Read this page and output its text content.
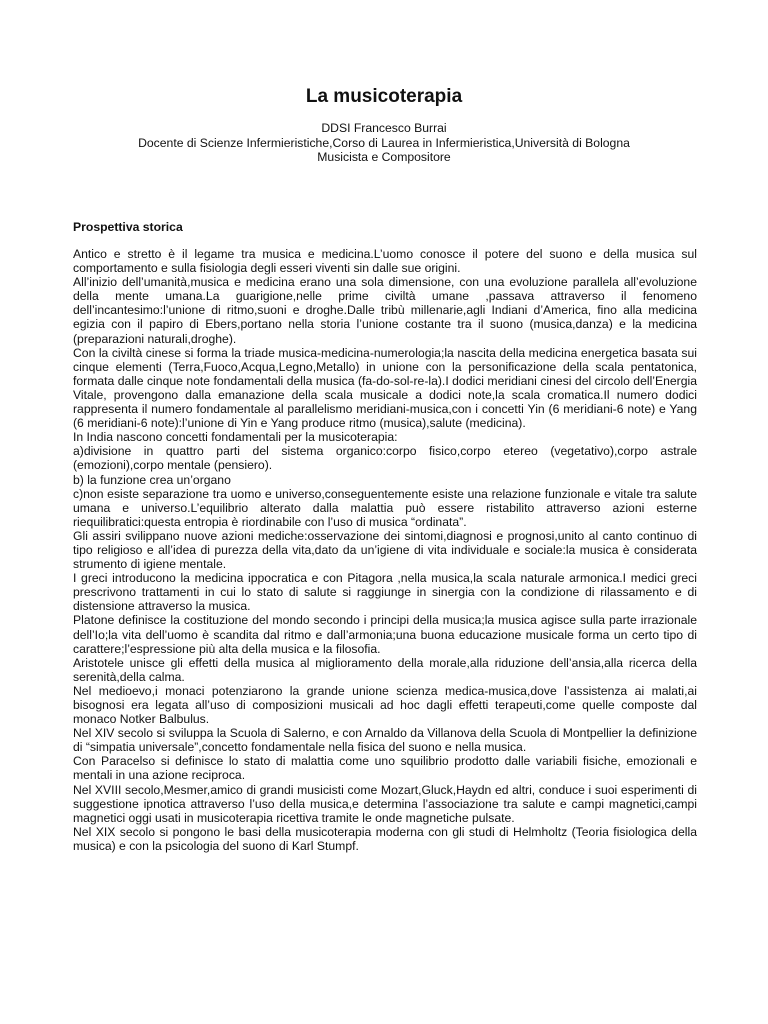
La musicoterapia
DDSI Francesco Burrai
Docente di Scienze Infermieristiche,Corso di Laurea in Infermieristica,Università di Bologna
Musicista e Compositore
Prospettiva storica

Antico e stretto è il legame tra musica e medicina.L’uomo conosce il potere del suono e della musica sul comportamento e sulla fisiologia degli esseri viventi sin dalle sue origini.

All’inizio dell’umanità,musica e medicina erano una sola dimensione, con una evoluzione parallela all’evoluzione della mente umana.La guarigione,nelle prime civiltà umane ,passava attraverso il fenomeno dell’incantesimo:l’unione di ritmo,suoni e droghe.Dalle tribù millenarie,agli Indiani d’America, fino alla medicina egizia con il papiro di Ebers,portano nella storia l’unione costante tra il suono (musica,danza) e la medicina (preparazioni naturali,droghe).

Con la civiltà cinese si forma la triade musica-medicina-numerologia;la nascita della medicina energetica basata sui cinque elementi (Terra,Fuoco,Acqua,Legno,Metallo) in unione con la personificazione della scala pentatonica, formata dalle cinque note fondamentali della musica (fa-do-sol-re-la).I dodici meridiani cinesi del circolo dell’Energia Vitale, provengono dalla emanazione della scala musicale a dodici note,la scala cromatica.Il numero dodici rappresenta il numero fondamentale al parallelismo meridiani-musica,con i concetti Yin (6 meridiani-6 note) e Yang (6 meridiani-6 note):l’unione di Yin e Yang produce ritmo (musica),salute (medicina).

In India nascono concetti fondamentali per la musicoterapia:

a)divisione in quattro parti del sistema organico:corpo fisico,corpo etereo (vegetativo),corpo astrale (emozioni),corpo mentale (pensiero).

b) la funzione crea un’organo

c)non esiste separazione tra uomo e universo,conseguentemente esiste una relazione funzionale e vitale tra salute umana e universo.L’equilibrio alterato dalla malattia può essere ristabilito attraverso azioni esterne riequilibratici:questa entropia è riordinabile con l’uso di musica “ordinata”.

Gli assiri svilippano nuove azioni mediche:osservazione dei sintomi,diagnosi e prognosi,unito al canto continuo di tipo religioso e all’idea di purezza della vita,dato da un’igiene di vita individuale e sociale:la musica è considerata strumento di igiene mentale.

I greci introducono la medicina ippocratica e con Pitagora ,nella musica,la scala naturale armonica.I medici greci prescrivono trattamenti in cui lo stato di salute si raggiunge in sinergia con la condizione di rilassamento e di distensione attraverso la musica.

Platone definisce la costituzione del mondo secondo i principi della musica;la musica agisce sulla parte irrazionale dell’Io;la vita dell’uomo è scandita dal ritmo e dall’armonia;una buona educazione musicale forma un certo tipo di carattere;l’espressione più alta della musica e la filosofia.

Aristotele unisce gli effetti della musica al miglioramento della morale,alla riduzione dell’ansia,alla ricerca della serenità,della calma.

Nel medioevo,i monaci potenziarono la grande unione scienza medica-musica,dove l’assistenza ai malati,ai bisognosi era legata all’uso di composizioni musicali ad hoc dagli effetti terapeuti,come quelle composte dal monaco Notker Balbulus.

Nel XIV secolo si sviluppa la Scuola di Salerno, e con Arnaldo da Villanova della Scuola di Montpellier la definizione di “simpatia universale”,concetto fondamentale nella fisica del suono e nella musica.

Con Paracelso si definisce lo stato di malattia come uno squilibrio prodotto dalle variabili fisiche, emozionali e mentali in una azione reciproca.

Nel XVIII secolo,Mesmer,amico di grandi musicisti come Mozart,Gluck,Haydn ed altri, conduce i suoi esperimenti di suggestione ipnotica attraverso l’uso della musica,e determina l’associazione tra salute e campi magnetici,campi magnetici oggi usati in musicoterapia ricettiva tramite le onde magnetiche pulsate.

Nel XIX secolo si pongono le basi della musicoterapia moderna con gli studi di Helmholtz (Teoria fisiologica della musica) e con la psicologia del suono di Karl Stumpf.
